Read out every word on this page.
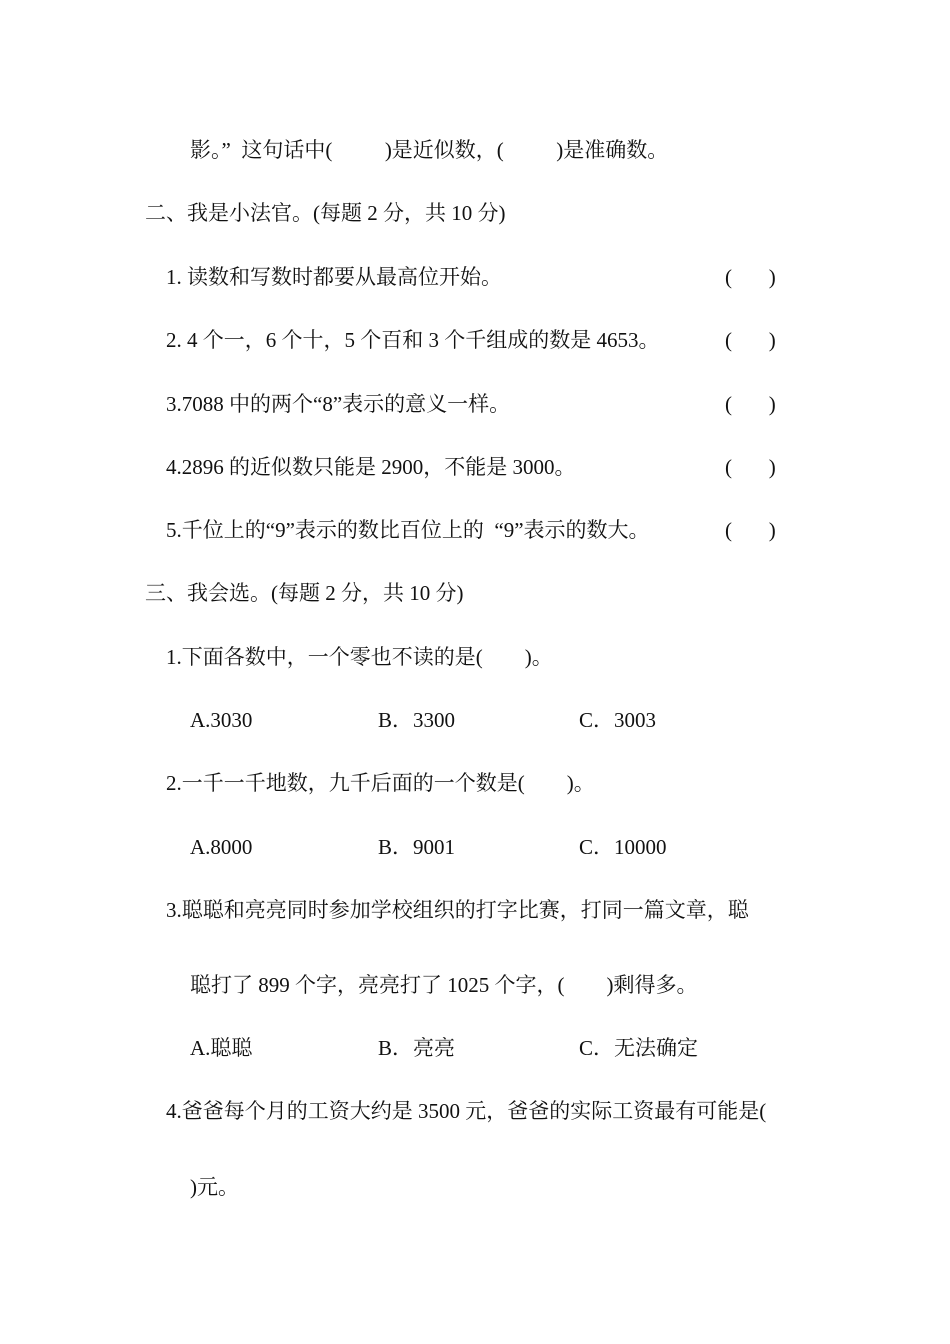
影。”  这句话中(          )是近似数，(          )是准确数。
二、我是小法官。(每题 2 分，共 10 分)
1. 读数和写数时都要从最高位开始。	(       )
2. 4 个一，6 个十，5 个百和 3 个千组成的数是 4653。	(       )
3.7088 中的两个“8”表示的意义一样。	(       )
4.2896 的近似数只能是 2900，不能是 3000。	(       )
5.千位上的“9”表示的数比百位上的  “9”表示的数大。	(       )
三、我会选。(每题 2 分，共 10 分)
1.下面各数中，一个零也不读的是(        )。
A.3030	B．3300	C．3003
2.一千一千地数，九千后面的一个数是(        )。
A.8000	B．9001	C．10000
3.聪聪和亮亮同时参加学校组织的打字比赛，打同一篇文章，聪
聪打了 899 个字，亮亮打了 1025 个字，(        )剩得多。
A.聪聪	B．亮亮	C．无法确定
4.爸爸每个月的工资大约是 3500 元，爸爸的实际工资最有可能是(
)元。
